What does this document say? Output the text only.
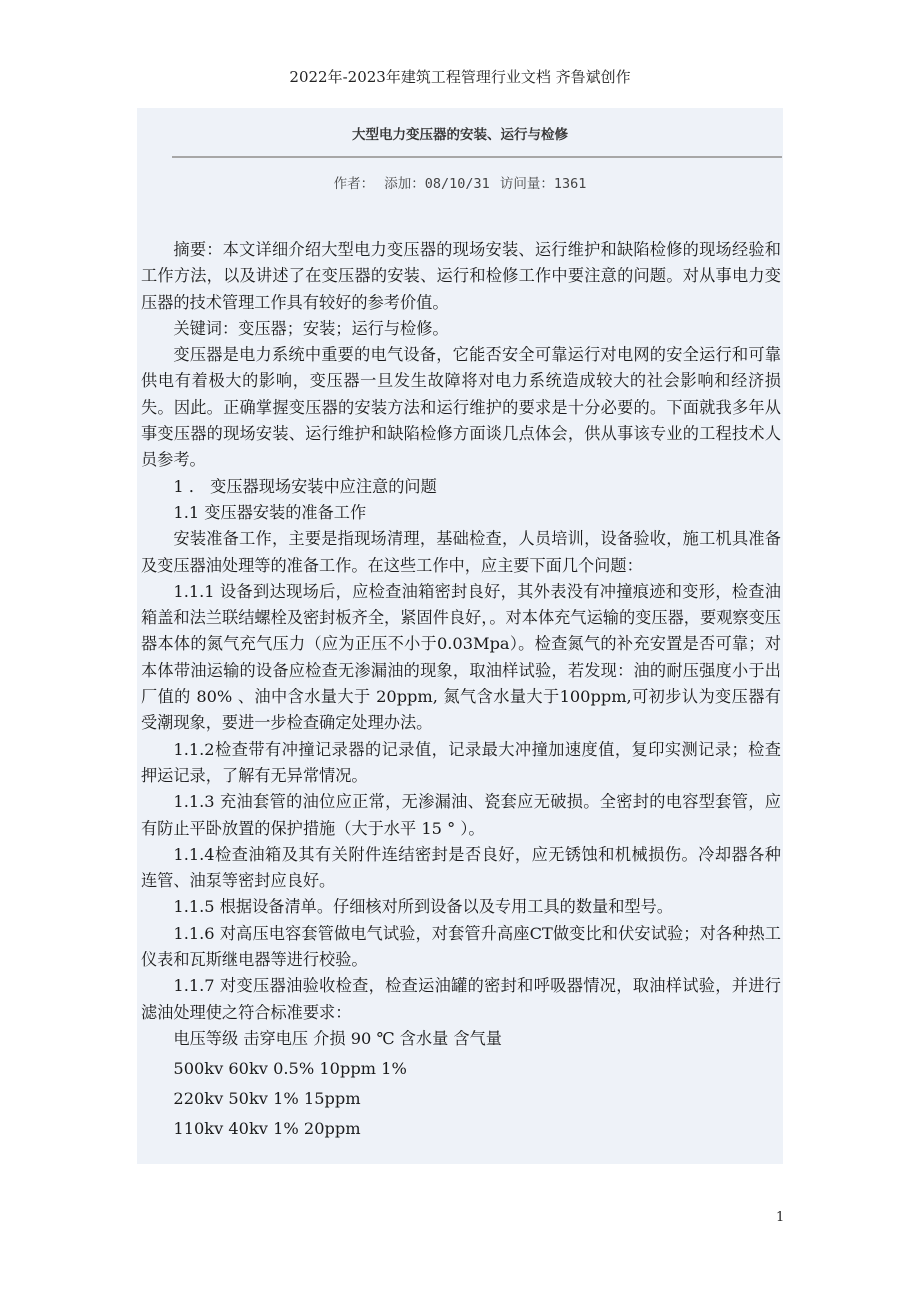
2022年-2023年建筑工程管理行业文档 齐鲁斌创作
大型电力变压器的安装、运行与检修
作者： 添加：08/10/31 访问量：1361

摘要：本文详细介绍大型电力变压器的现场安装、运行维护和缺陷检修的现场经验和工作方法，以及讲述了在变压器的安装、运行和检修工作中要注意的问题。对从事电力变压器的技术管理工作具有较好的参考价值。

关键词：变压器；安装；运行与检修。

变压器是电力系统中重要的电气设备，它能否安全可靠运行对电网的安全运行和可靠供电有着极大的影响，变压器一旦发生故障将对电力系统造成较大的社会影响和经济损失。因此。正确掌握变压器的安装方法和运行维护的要求是十分必要的。下面就我多年从事变压器的现场安装、运行维护和缺陷检修方面谈几点体会，供从事该专业的工程技术人员参考。

1 ． 变压器现场安装中应注意的问题

1.1 变压器安装的准备工作

安装准备工作，主要是指现场清理，基础检查，人员培训，设备验收，施工机具准备及变压器油处理等的准备工作。在这些工作中，应主要下面几个问题：

1.1.1 设备到达现场后，应检查油箱密封良好，其外表没有冲撞痕迹和变形，检查油箱盖和法兰联结螺栓及密封板齐全，紧固件良好，。对本体充气运输的变压器，要观察变压器本体的氮气充气压力（应为正压不小于0.03Mpa）。检查氮气的补充安置是否可靠；对本体带油运输的设备应检查无渗漏油的现象，取油样试验，若发现：油的耐压强度小于出厂值的 80% 、油中含水量大于 20ppm, 氮气含水量大于100ppm,可初步认为变压器有受潮现象，要进一步检查确定处理办法。

1.1.2检查带有冲撞记录器的记录值，记录最大冲撞加速度值，复印实测记录；检查押运记录，了解有无异常情况。

1.1.3 充油套管的油位应正常，无渗漏油、瓷套应无破损。全密封的电容型套管，应有防止平卧放置的保护措施（大于水平 15 ° ）。

1.1.4检查油箱及其有关附件连结密封是否良好，应无锈蚀和机械损伤。冷却器各种连管、油泵等密封应良好。

1.1.5 根据设备清单。仔细核对所到设备以及专用工具的数量和型号。

1.1.6 对高压电容套管做电气试验，对套管升高座CT做变比和伏安试验；对各种热工仪表和瓦斯继电器等进行校验。

1.1.7 对变压器油验收检查，检查运油罐的密封和呼吸器情况，取油样试验，并进行滤油处理使之符合标准要求：

电压等级 击穿电压 介损 90 ℃ 含水量 含气量

500kv 60kv 0.5% 10ppm 1%

220kv 50kv 1% 15ppm

110kv 40kv 1% 20ppm

1
